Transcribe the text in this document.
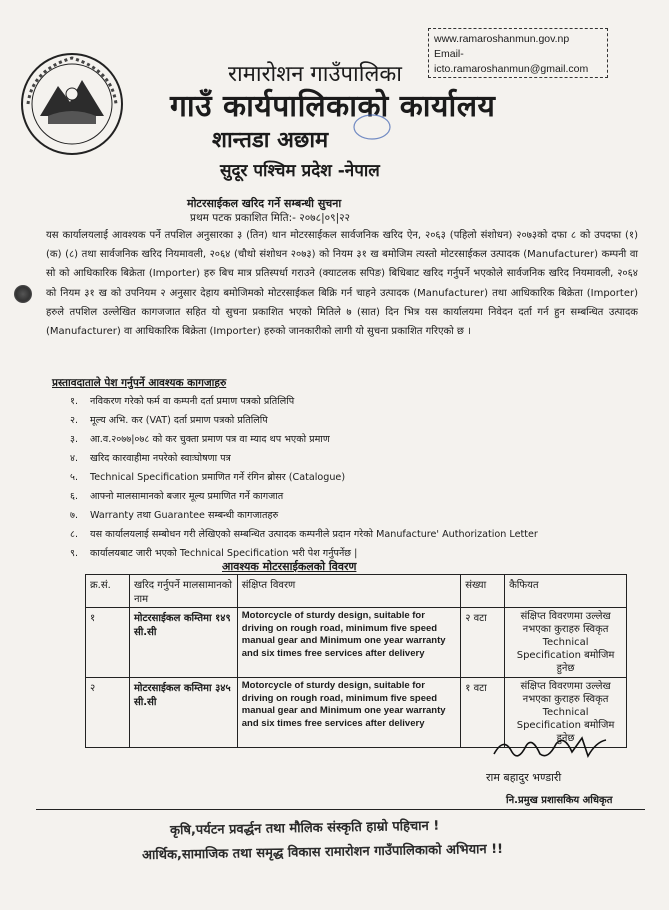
www.ramaroshanmun.gov.np
Email-
icto.ramaroshanmun@gmail.com
रामारोशन गाउँपालिका
गाउँ कार्यपालिकाको कार्यालय
शान्तडा अछाम
सुदूर पश्चिम प्रदेश -नेपाल
मोटरसाईकल खरिद गर्ने सम्बन्धी सुचना
प्रथम पटक प्रकाशित मिति:- २०७८|०९|२२
यस कार्यालयलाई आवश्यक पर्ने तपशिल अनुसारका ३ (तिन) थान मोटरसाईकल सार्वजनिक खरिद ऐन, २०६३ (पहिलो संशोधन) २०७३को दफा ८ को उपदफा (१) (क) (८) तथा सार्वजनिक खरिद नियमावली, २०६४ (चौथो संशोधन २०७३) को नियम ३१ ख बमोजिम त्यस्तो मोटरसाईकल उत्पादक (Manufacturer) कम्पनी वा सो को आधिकारिक बिक्रेता (Importer) हरु बिच मात्र प्रतिस्पर्धा गराउने (क्याटलक सपिङ) बिधिबाट खरिद गर्नुपर्ने भएकोले सार्वजनिक खरिद नियमावली, २०६४ को नियम ३१ ख को उपनियम २ अनुसार देहाय बमोजिमको मोटरसाईकल बिक्रि गर्न चाहने उत्पादक (Manufacturer) तथा आधिकारिक बिक्रेता (Importer) हरुले तपशिल उल्लेखित कागजजात सहित यो सुचना प्रकाशित भएको मितिले ७ (सात) दिन भित्र यस कार्यालयमा निवेदन दर्ता गर्न हुन सम्बन्धित उत्पादक (Manufacturer) वा आधिकारिक बिक्रेता (Importer) हरुको जानकारीको लागी यो सुचना प्रकाशित गरिएको छ ।
प्रस्तावदाताले पेश गर्नुपर्ने आवश्यक कागजाहरु
१. नविकरण गरेको फर्म वा कम्पनी दर्ता प्रमाण पत्रको प्रतिलिपि
२. मूल्य अभि. कर (VAT) दर्ता प्रमाण पत्रको प्रतिलिपि
३. आ.व.२०७७|०७८ को कर चुक्ता प्रमाण पत्र वा म्याद थप भएको प्रमाण
४. खरिद कारवाहीमा नपरेको स्वाःघोषणा पत्र
५. Technical Specification प्रमाणित गर्ने रंगिन ब्रोसर (Catalogue)
६. आफ्नो मालसामानको बजार मूल्य प्रमाणित गर्ने कागजात
७. Warranty तथा Guarantee सम्बन्धी कागजातहरु
८. यस कार्यालयलाई सम्बोधन गरी लेखिएको सम्बन्धित उत्पादक कम्पनीले प्रदान गरेको Manufacture' Authorization Letter
९. कार्यालयबाट जारी भएको Technical Specification भरी पेश गर्नुपर्नेछ |
आवश्यक मोटरसाईकलको विवरण
क्र.सं.	खरिद गर्नुपर्ने मालसामानको नाम	संक्षिप्त विवरण	संख्या	कैफियत
१	मोटरसाईकल कम्तिमा १४९ सी.सी	Motorcycle of sturdy design, suitable for driving on rough road, minimum five speed manual gear and Minimum one year warranty and six times free services after delivery	२ वटा	संक्षिप्त विवरणमा उल्लेख नभएका कुराहरु स्विकृत Technical Specification बमोजिम हुनेछ
२	मोटरसाईकल कम्तिमा ३४५ सी.सी	Motorcycle of sturdy design, suitable for driving on rough road, minimum five speed manual gear and Minimum one year warranty and six times free services after delivery	१ वटा	संक्षिप्त विवरणमा उल्लेख नभएका कुराहरु स्विकृत Technical Specification बमोजिम हुनेछ
राम बहादुर भण्डारी
नि.प्रमुख प्रशासकिय अधिकृत
कृषि,पर्यटन प्रवर्द्धन तथा मौलिक संस्कृति हाम्रो पहिचान !
आर्थिक,सामाजिक तथा समृद्ध विकास रामारोशन गाउँपालिकाको अभियान !!
